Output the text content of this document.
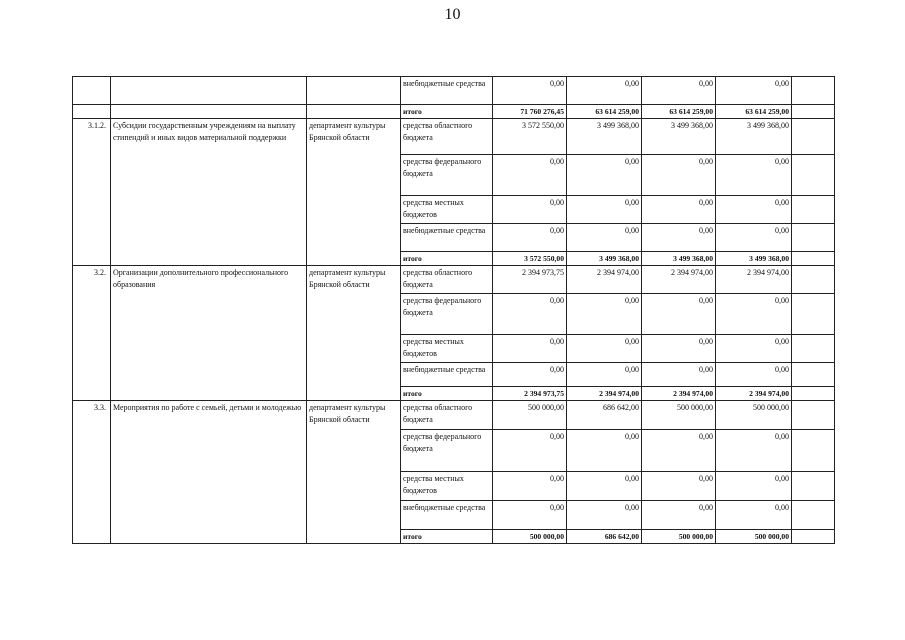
10
			внебюджетные средства	0,00	0,00	0,00	0,00	
			итого	71 760 276,45	63 614 259,00	63 614 259,00	63 614 259,00	
3.1.2.	Субсидии государственным учреждениям на выплату стипендий и иных видов материальной поддержки	департамент культуры Брянской области	средства областного бюджета	3 572 550,00	3 499 368,00	3 499 368,00	3 499 368,00	
			средства федерального бюджета	0,00	0,00	0,00	0,00	
			средства местных бюджетов	0,00	0,00	0,00	0,00	
			внебюджетные средства	0,00	0,00	0,00	0,00	
			итого	3 572 550,00	3 499 368,00	3 499 368,00	3 499 368,00	
3.2.	Организации дополнительного профессионального образования	департамент культуры Брянской области	средства областного бюджета	2 394 973,75	2 394 974,00	2 394 974,00	2 394 974,00	
			средства федерального бюджета	0,00	0,00	0,00	0,00	
			средства местных бюджетов	0,00	0,00	0,00	0,00	
			внебюджетные средства	0,00	0,00	0,00	0,00	
			итого	2 394 973,75	2 394 974,00	2 394 974,00	2 394 974,00	
3.3.	Мероприятия по работе с семьей, детьми и молодежью	департамент культуры Брянской области	средства областного бюджета	500 000,00	686 642,00	500 000,00	500 000,00	
			средства федерального бюджета	0,00	0,00	0,00	0,00	
			средства местных бюджетов	0,00	0,00	0,00	0,00	
			внебюджетные средства	0,00	0,00	0,00	0,00	
			итого	500 000,00	686 642,00	500 000,00	500 000,00	
